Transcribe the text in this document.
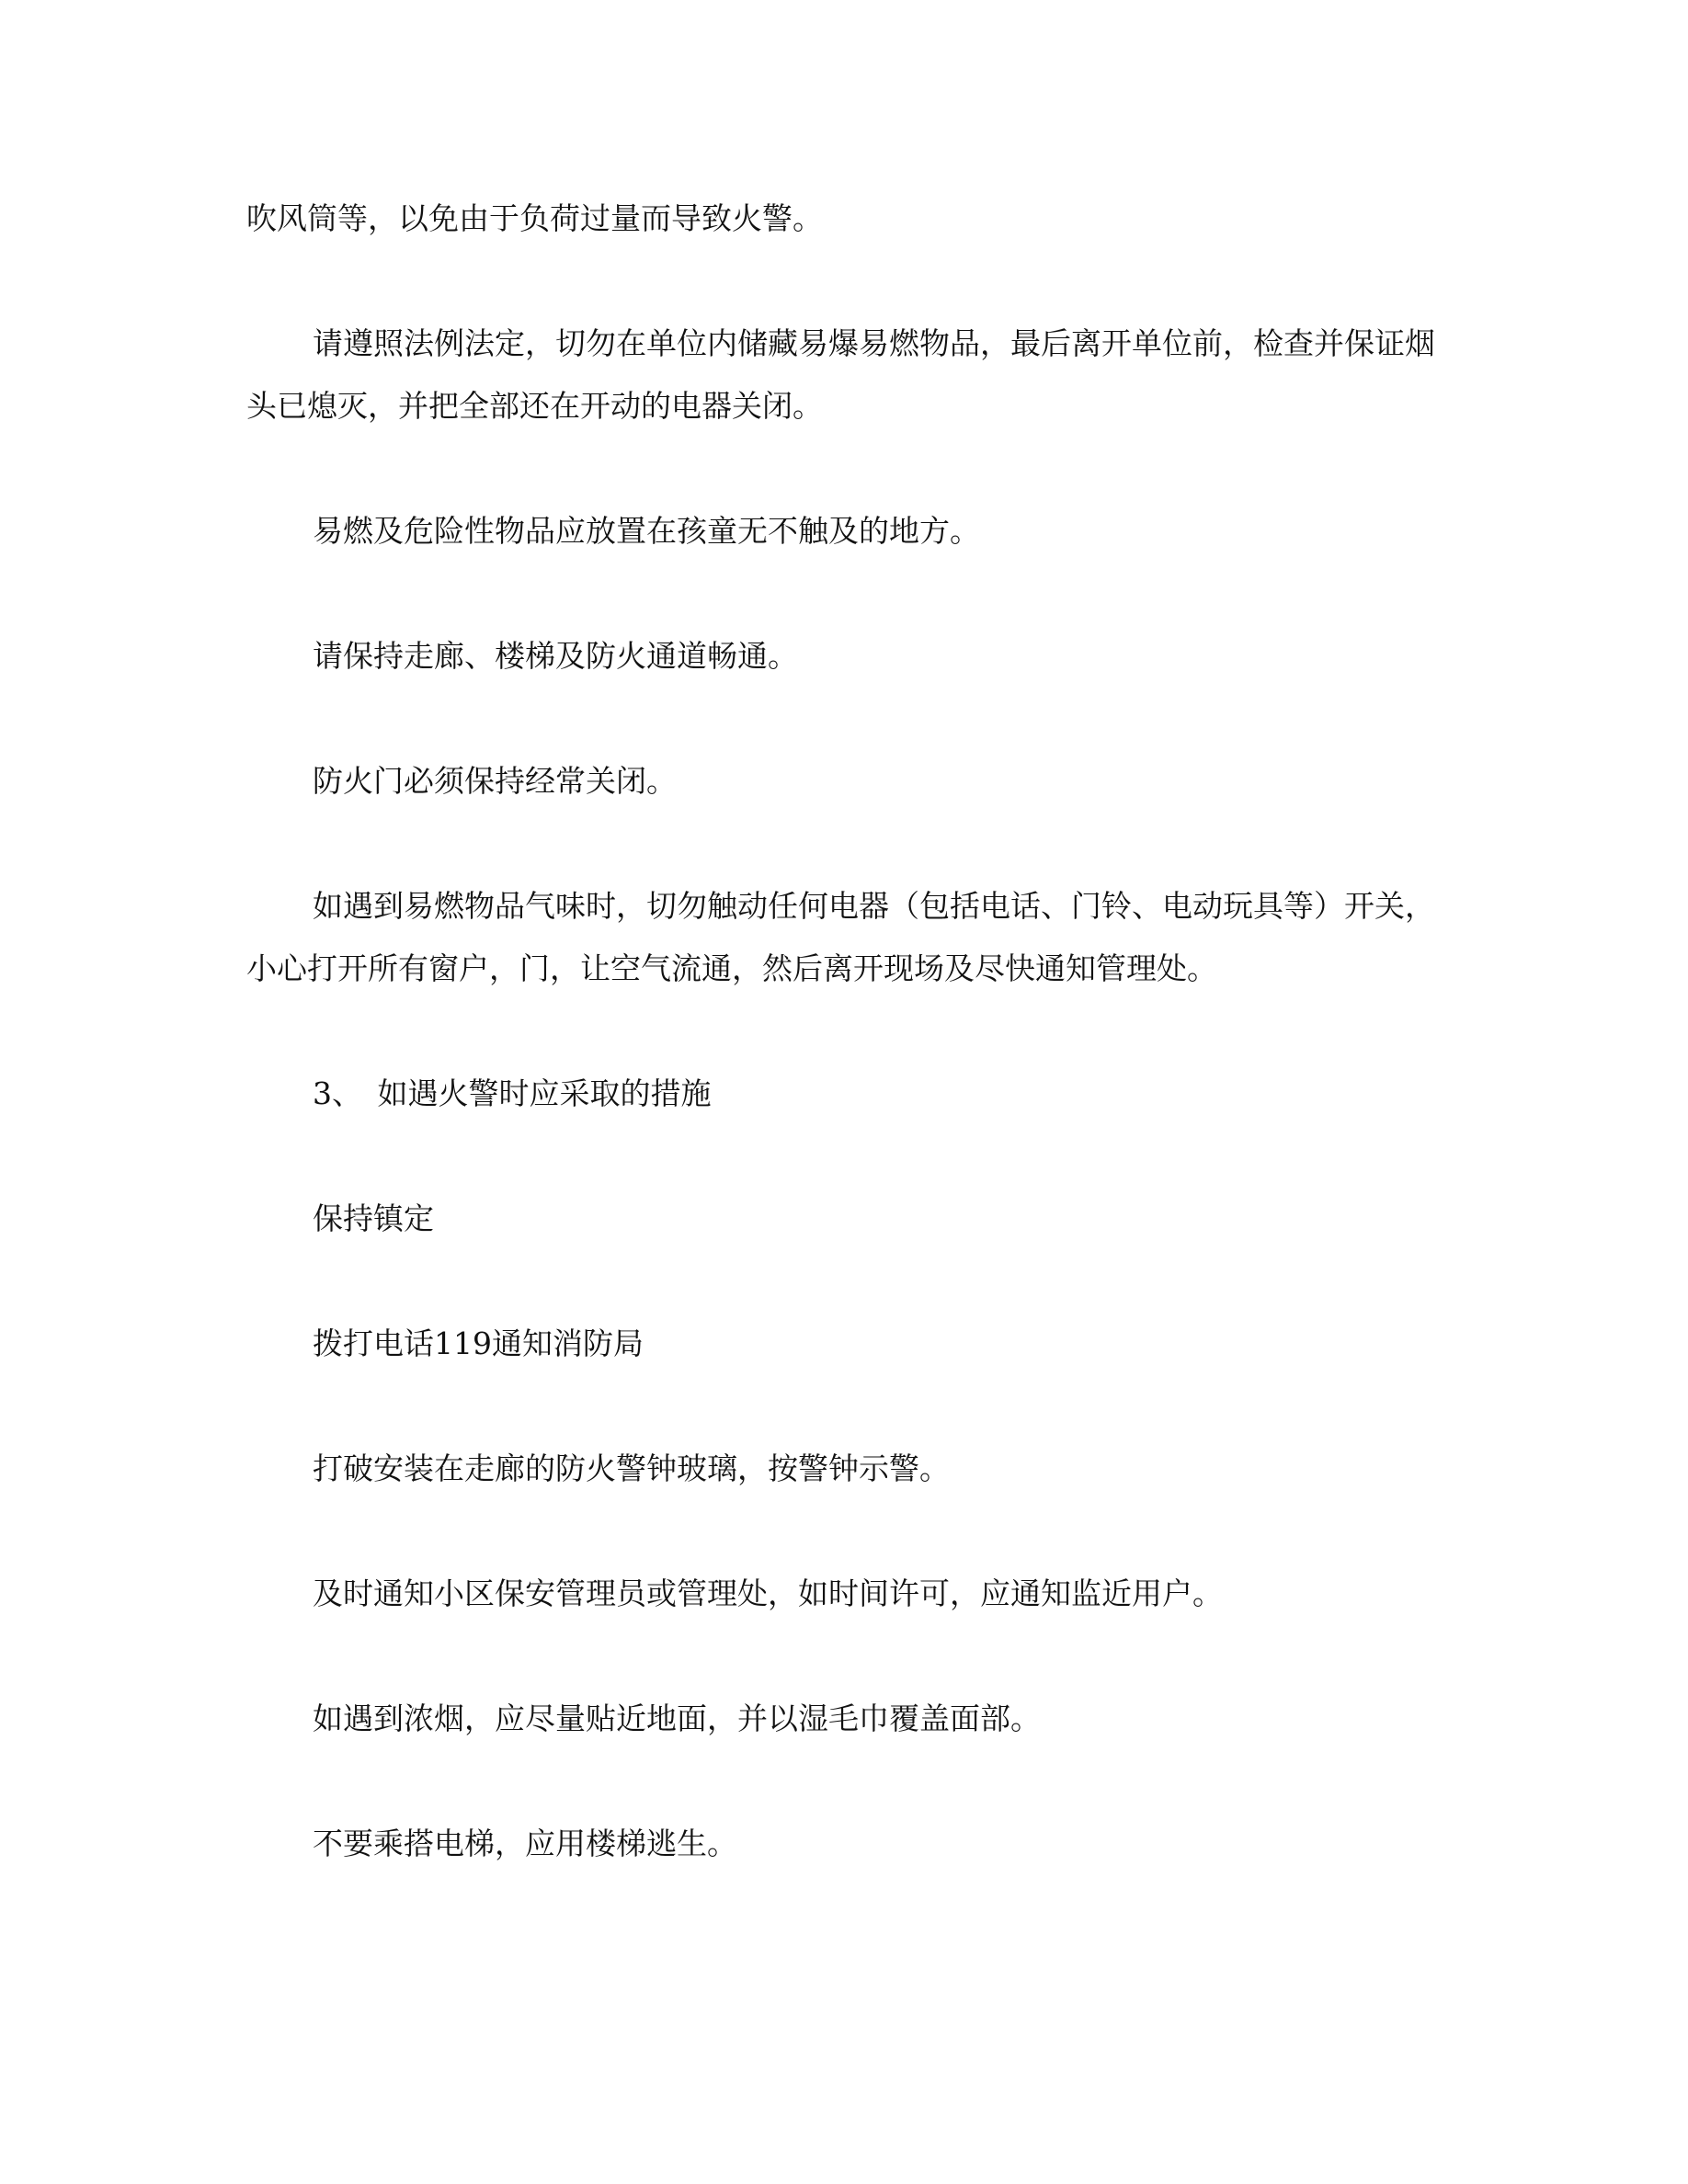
吹风筒等，以免由于负荷过量而导致火警。

请遵照法例法定，切勿在单位内储藏易爆易燃物品，最后离开单位前，检查并保证烟头已熄灭，并把全部还在开动的电器关闭。

易燃及危险性物品应放置在孩童无不触及的地方。

请保持走廊、楼梯及防火通道畅通。

防火门必须保持经常关闭。

如遇到易燃物品气味时，切勿触动任何电器（包括电话、门铃、电动玩具等）开关，小心打开所有窗户，门，让空气流通，然后离开现场及尽快通知管理处。

3、　如遇火警时应采取的措施

保持镇定

拨打电话119通知消防局

打破安装在走廊的防火警钟玻璃，按警钟示警。

及时通知小区保安管理员或管理处，如时间许可，应通知监近用户。

如遇到浓烟，应尽量贴近地面，并以湿毛巾覆盖面部。

不要乘搭电梯，应用楼梯逃生。
